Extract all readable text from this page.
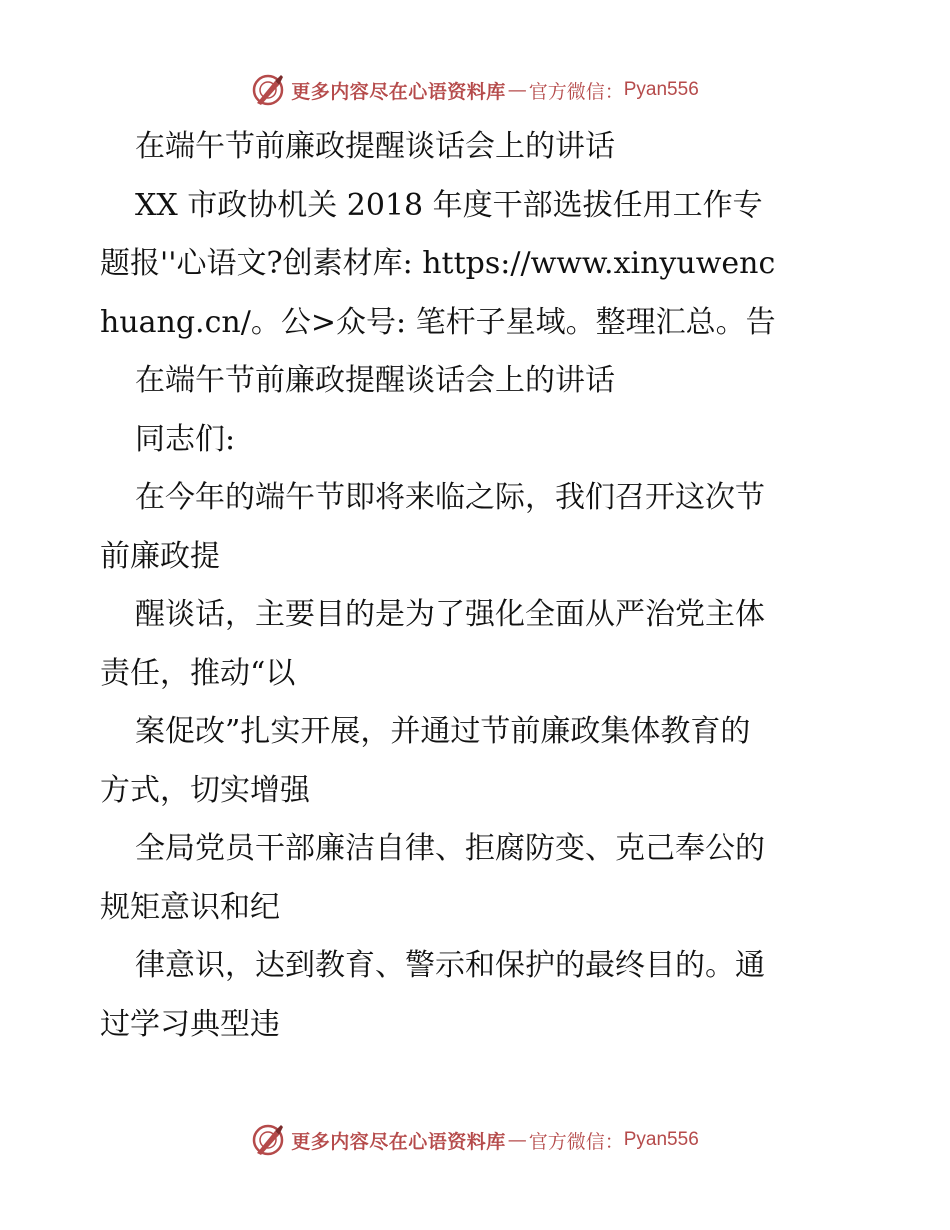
更多内容尽在心语资料库 — 官方微信： Pyan556
在端午节前廉政提醒谈话会上的讲话
XX 市政协机关 2018 年度干部选拔任用工作专
题报''心语文?创素材库: https://www.xinyuwenc
huang.cn/。公>众号: 笔杆子星域。整理汇总。告
在端午节前廉政提醒谈话会上的讲话
同志们:
在今年的端午节即将来临之际，我们召开这次节
前廉政提
醒谈话，主要目的是为了强化全面从严治党主体
责任，推动“以
案促改”扎实开展，并通过节前廉政集体教育的
方式，切实增强
全局党员干部廉洁自律、拒腐防变、克己奉公的
规矩意识和纪
律意识，达到教育、警示和保护的最终目的。通
过学习典型违
更多内容尽在心语资料库 — 官方微信： Pyan556
